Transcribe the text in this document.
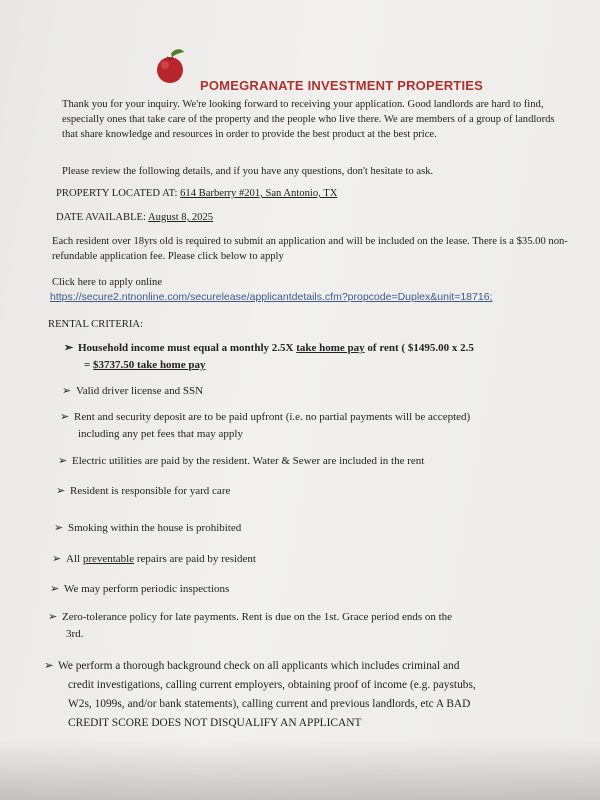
POMEGRANATE INVESTMENT PROPERTIES
Thank you for your inquiry. We're looking forward to receiving your application. Good landlords are hard to find, especially ones that take care of the property and the people who live there. We are members of a group of landlords that share knowledge and resources in order to provide the best product at the best price.
Please review the following details, and if you have any questions, don't hesitate to ask.
PROPERTY LOCATED AT: 614 Barberry #201, San Antonio, TX
DATE AVAILABLE: August 8, 2025
Each resident over 18yrs old is required to submit an application and will be included on the lease. There is a $35.00 non-refundable application fee. Please click below to apply
Click here to apply online
https://secure2.ntnonline.com/securelease/applicantdetails.cfm?propcode=Duplex&unit=18716;
RENTAL CRITERIA:
➢ Household income must equal a monthly 2.5X take home pay of rent ( $1495.00 x 2.5
= $3737.50 take home pay
➢ Valid driver license and SSN
➢ Rent and security deposit are to be paid upfront (i.e. no partial payments will be accepted)
including any pet fees that may apply
➢ Electric utilities are paid by the resident. Water & Sewer are included in the rent
➢ Resident is responsible for yard care
➢ Smoking within the house is prohibited
➢ All preventable repairs are paid by resident
➢ We may perform periodic inspections
➢ Zero-tolerance policy for late payments. Rent is due on the 1st. Grace period ends on the
3rd.
➢ We perform a thorough background check on all applicants which includes criminal and
credit investigations, calling current employers, obtaining proof of income (e.g. paystubs,
W2s, 1099s, and/or bank statements), calling current and previous landlords, etc A BAD
CREDIT SCORE DOES NOT DISQUALIFY AN APPLICANT
